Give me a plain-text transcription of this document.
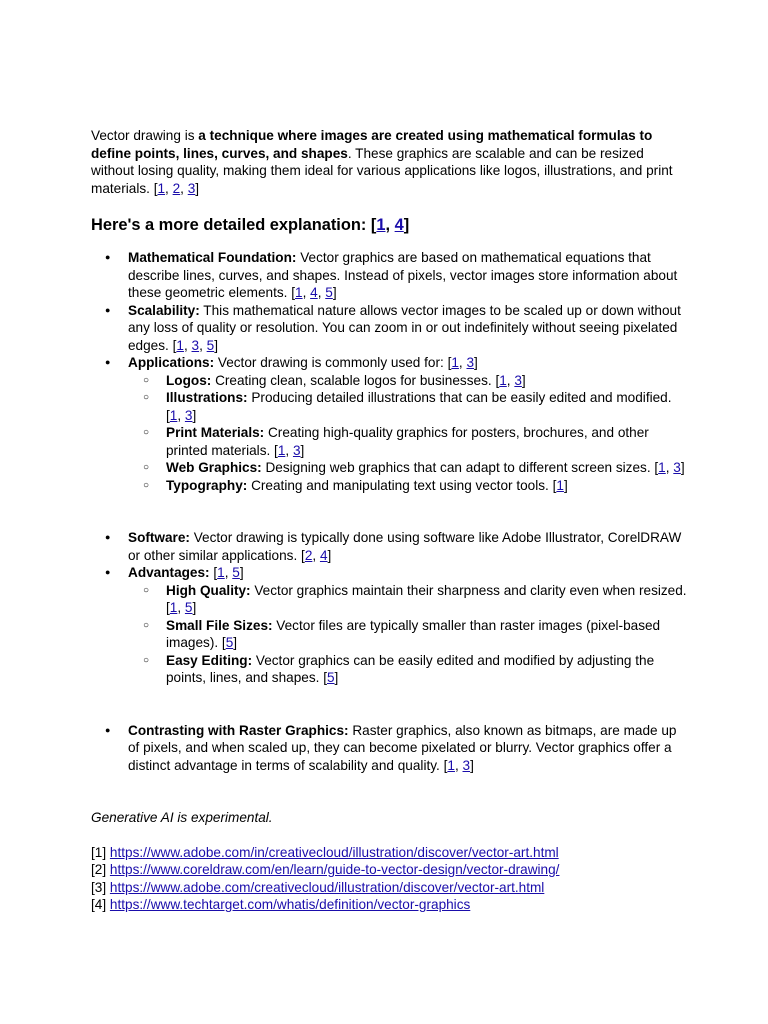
Vector drawing is a technique where images are created using mathematical formulas to define points, lines, curves, and shapes. These graphics are scalable and can be resized without losing quality, making them ideal for various applications like logos, illustrations, and print materials. [1, 2, 3]

Here's a more detailed explanation: [1, 4]
● Mathematical Foundation: Vector graphics are based on mathematical equations that describe lines, curves, and shapes. Instead of pixels, vector images store information about these geometric elements. [1, 4, 5]
● Scalability: This mathematical nature allows vector images to be scaled up or down without any loss of quality or resolution. You can zoom in or out indefinitely without seeing pixelated edges. [1, 3, 5]
● Applications: Vector drawing is commonly used for: [1, 3]
○ Logos: Creating clean, scalable logos for businesses. [1, 3]
○ Illustrations: Producing detailed illustrations that can be easily edited and modified. [1, 3]
○ Print Materials: Creating high-quality graphics for posters, brochures, and other printed materials. [1, 3]
○ Web Graphics: Designing web graphics that can adapt to different screen sizes. [1, 3]
○ Typography: Creating and manipulating text using vector tools. [1]
● Software: Vector drawing is typically done using software like Adobe Illustrator, CorelDRAW or other similar applications. [2, 4]
● Advantages: [1, 5]
○ High Quality: Vector graphics maintain their sharpness and clarity even when resized. [1, 5]
○ Small File Sizes: Vector files are typically smaller than raster images (pixel-based images). [5]
○ Easy Editing: Vector graphics can be easily edited and modified by adjusting the points, lines, and shapes. [5]
● Contrasting with Raster Graphics: Raster graphics, also known as bitmaps, are made up of pixels, and when scaled up, they can become pixelated or blurry. Vector graphics offer a distinct advantage in terms of scalability and quality. [1, 3]

Generative AI is experimental.

[1] https://www.adobe.com/in/creativecloud/illustration/discover/vector-art.html

[2] https://www.coreldraw.com/en/learn/guide-to-vector-design/vector-drawing/

[3] https://www.adobe.com/creativecloud/illustration/discover/vector-art.html

[4] https://www.techtarget.com/whatis/definition/vector-graphics
